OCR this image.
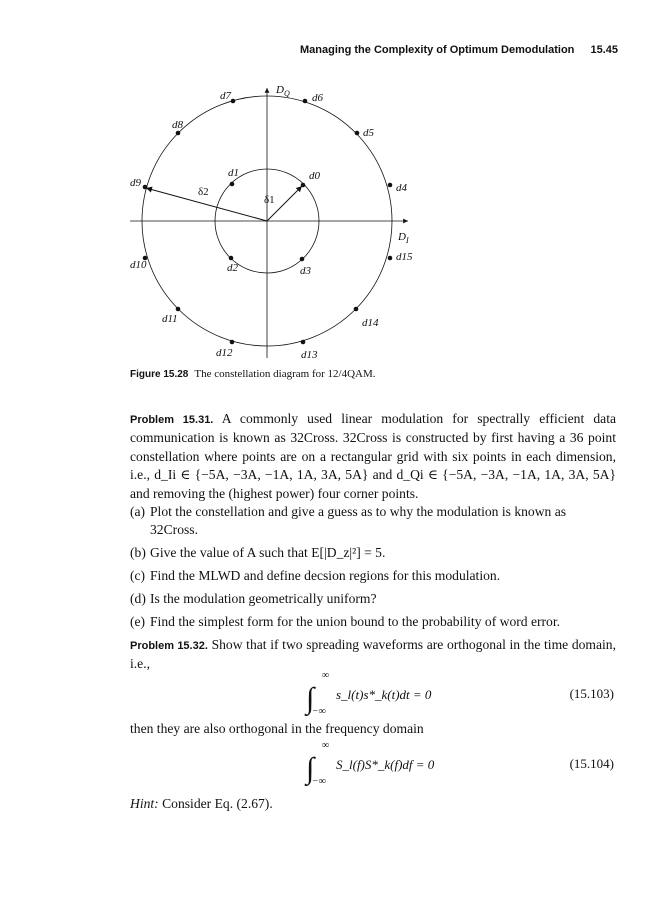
Managing the Complexity of Optimum Demodulation 15.45
$D_Q$
$D_I$
d0
d1
d2	d3
d4
d5
d6
d7
d8
d9
d10
d11
d12	d13
d14
d15
δ1
δ2
Figure 15.28 The constellation diagram for 12/4QAM.
Problem 15.31. A commonly used linear modulation for spectrally efficient data communication is known as 32Cross. 32Cross is constructed by first having a 36 point constellation where points are on a rectangular grid with six points in each dimension, i.e., d_Ii ∈ {−5A, −3A, −1A, 1A, 3A, 5A} and d_Qi ∈ {−5A, −3A, −1A, 1A, 3A, 5A} and removing the (highest power) four corner points.
(a) Plot the constellation and give a guess as to why the modulation is known as 32Cross.
(b) Give the value of A such that E[|D_z|²] = 5.
(c) Find the MLWD and define decsion regions for this modulation.
(d) Is the modulation geometrically uniform?
(e) Find the simplest form for the union bound to the probability of word error.
Problem 15.32. Show that if two spreading waveforms are orthogonal in the time domain, i.e.,
∫
∞
−∞
s_l(t)s*_k(t)dt = 0	(15.103)
then they are also orthogonal in the frequency domain
∫
∞
−∞
S_l(f)S*_k(f)df = 0	(15.104)
Hint: Consider Eq. (2.67).
